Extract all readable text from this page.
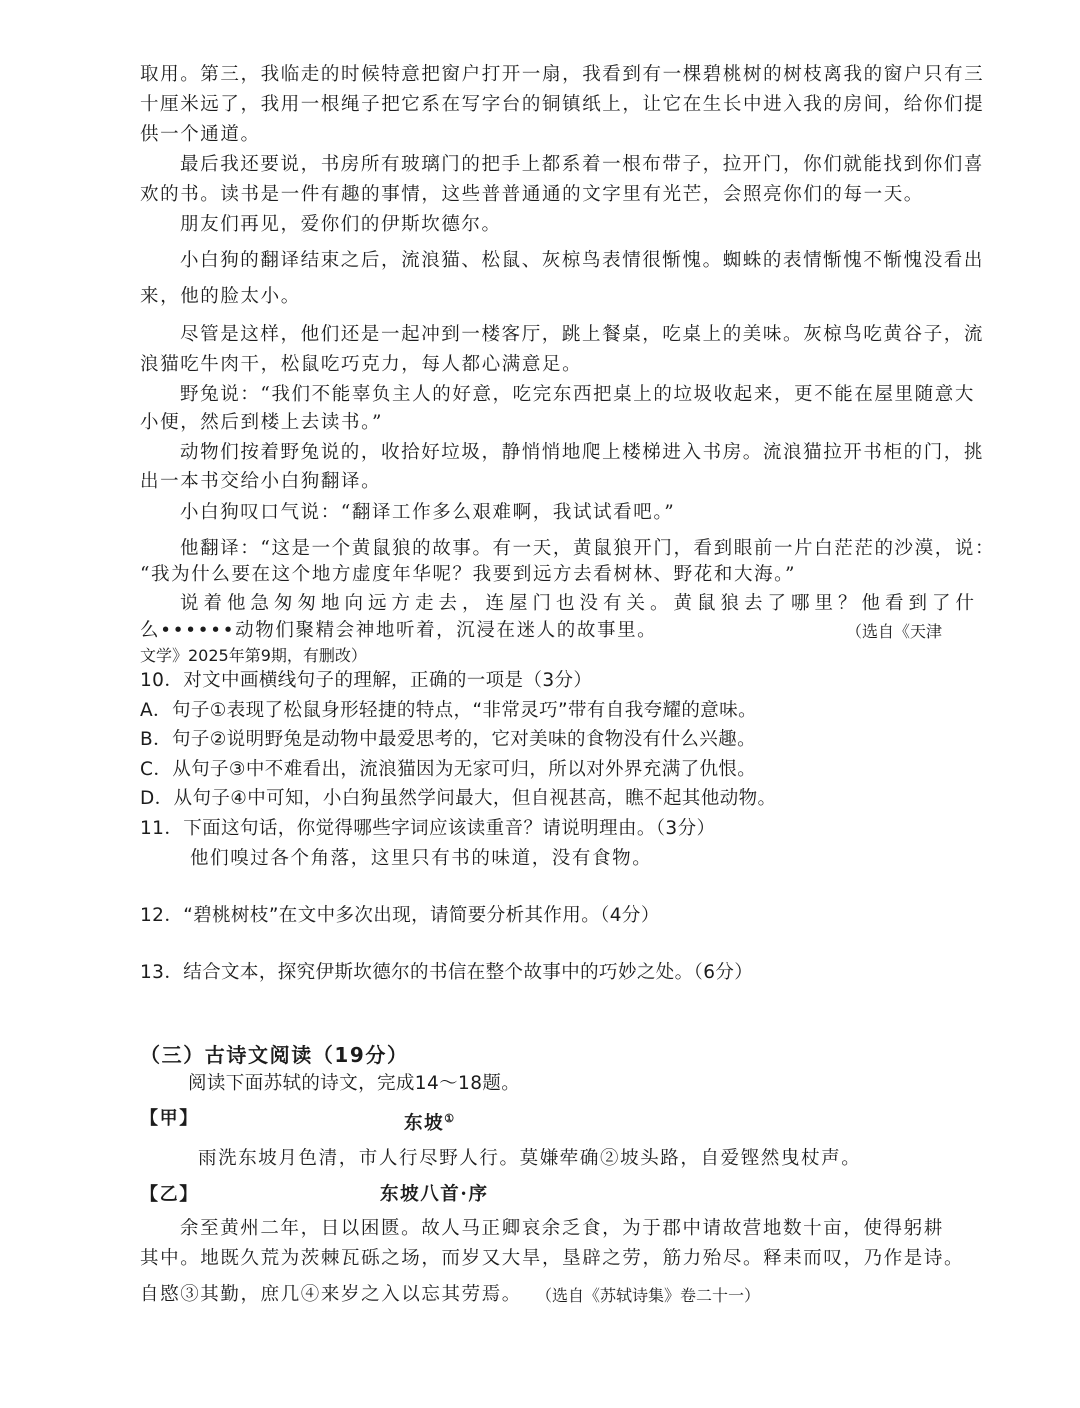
取用。第三，我临走的时候特意把窗户打开一扇，我看到有一棵碧桃树的树枝离我的窗户只有三
十厘米远了，我用一根绳子把它系在写字台的铜镇纸上，让它在生长中进入我的房间，给你们提
供一个通道。
最后我还要说，书房所有玻璃门的把手上都系着一根布带子，拉开门，你们就能找到你们喜
欢的书。读书是一件有趣的事情，这些普普通通的文字里有光芒，会照亮你们的每一天。
朋友们再见，爱你们的伊斯坎德尔。
小白狗的翻译结束之后，流浪猫、松鼠、灰椋鸟表情很惭愧。蜘蛛的表情惭愧不惭愧没看出
来，他的脸太小。
尽管是这样，他们还是一起冲到一楼客厅，跳上餐桌，吃桌上的美味。灰椋鸟吃黄谷子，流
浪猫吃牛肉干，松鼠吃巧克力，每人都心满意足。
野兔说：“我们不能辜负主人的好意，吃完东西把桌上的垃圾收起来，更不能在屋里随意大
小便，然后到楼上去读书。”
动物们按着野兔说的，收拾好垃圾，静悄悄地爬上楼梯进入书房。流浪猫拉开书柜的门，挑
出一本书交给小白狗翻译。
小白狗叹口气说：“翻译工作多么艰难啊，我试试看吧。”
他翻译：“这是一个黄鼠狼的故事。有一天，黄鼠狼开门，看到眼前一片白茫茫的沙漠，说：
“我为什么要在这个地方虚度年华呢？我要到远方去看树林、野花和大海。”
说着他急匆匆地向远方走去，连屋门也没有关。黄鼠狼去了哪里？他看到了什
么••••••动物们聚精会神地听着，沉浸在迷人的故事里。	（选自《天津
文学》2025年第9期，有删改）
10．对文中画横线句子的理解，正确的一项是（3分）
A．句子①表现了松鼠身形轻捷的特点，“非常灵巧”带有自我夸耀的意味。
B．句子②说明野兔是动物中最爱思考的，它对美味的食物没有什么兴趣。
C．从句子③中不难看出，流浪猫因为无家可归，所以对外界充满了仇恨。
D．从句子④中可知，小白狗虽然学问最大，但自视甚高，瞧不起其他动物。
11．下面这句话，你觉得哪些字词应该读重音？请说明理由。（3分）
他们嗅过各个角落，这里只有书的味道，没有食物。
12．“碧桃树枝”在文中多次出现，请简要分析其作用。（4分）
13．结合文本，探究伊斯坎德尔的书信在整个故事中的巧妙之处。（6分）
（三）古诗文阅读（19分）
阅读下面苏轼的诗文，完成14～18题。
【甲】	东坡①
雨洗东坡月色清，市人行尽野人行。莫嫌荦确②坡头路，自爱铿然曳杖声。
【乙】	东坡八首·序
余至黄州二年，日以困匮。故人马正卿哀余乏食，为于郡中请故营地数十亩，使得躬耕
其中。地既久荒为茨棘瓦砾之场，而岁又大旱，垦辟之劳，筋力殆尽。释耒而叹，乃作是诗。
自愍③其勤，庶几④来岁之入以忘其劳焉。 （选自《苏轼诗集》卷二十一）
